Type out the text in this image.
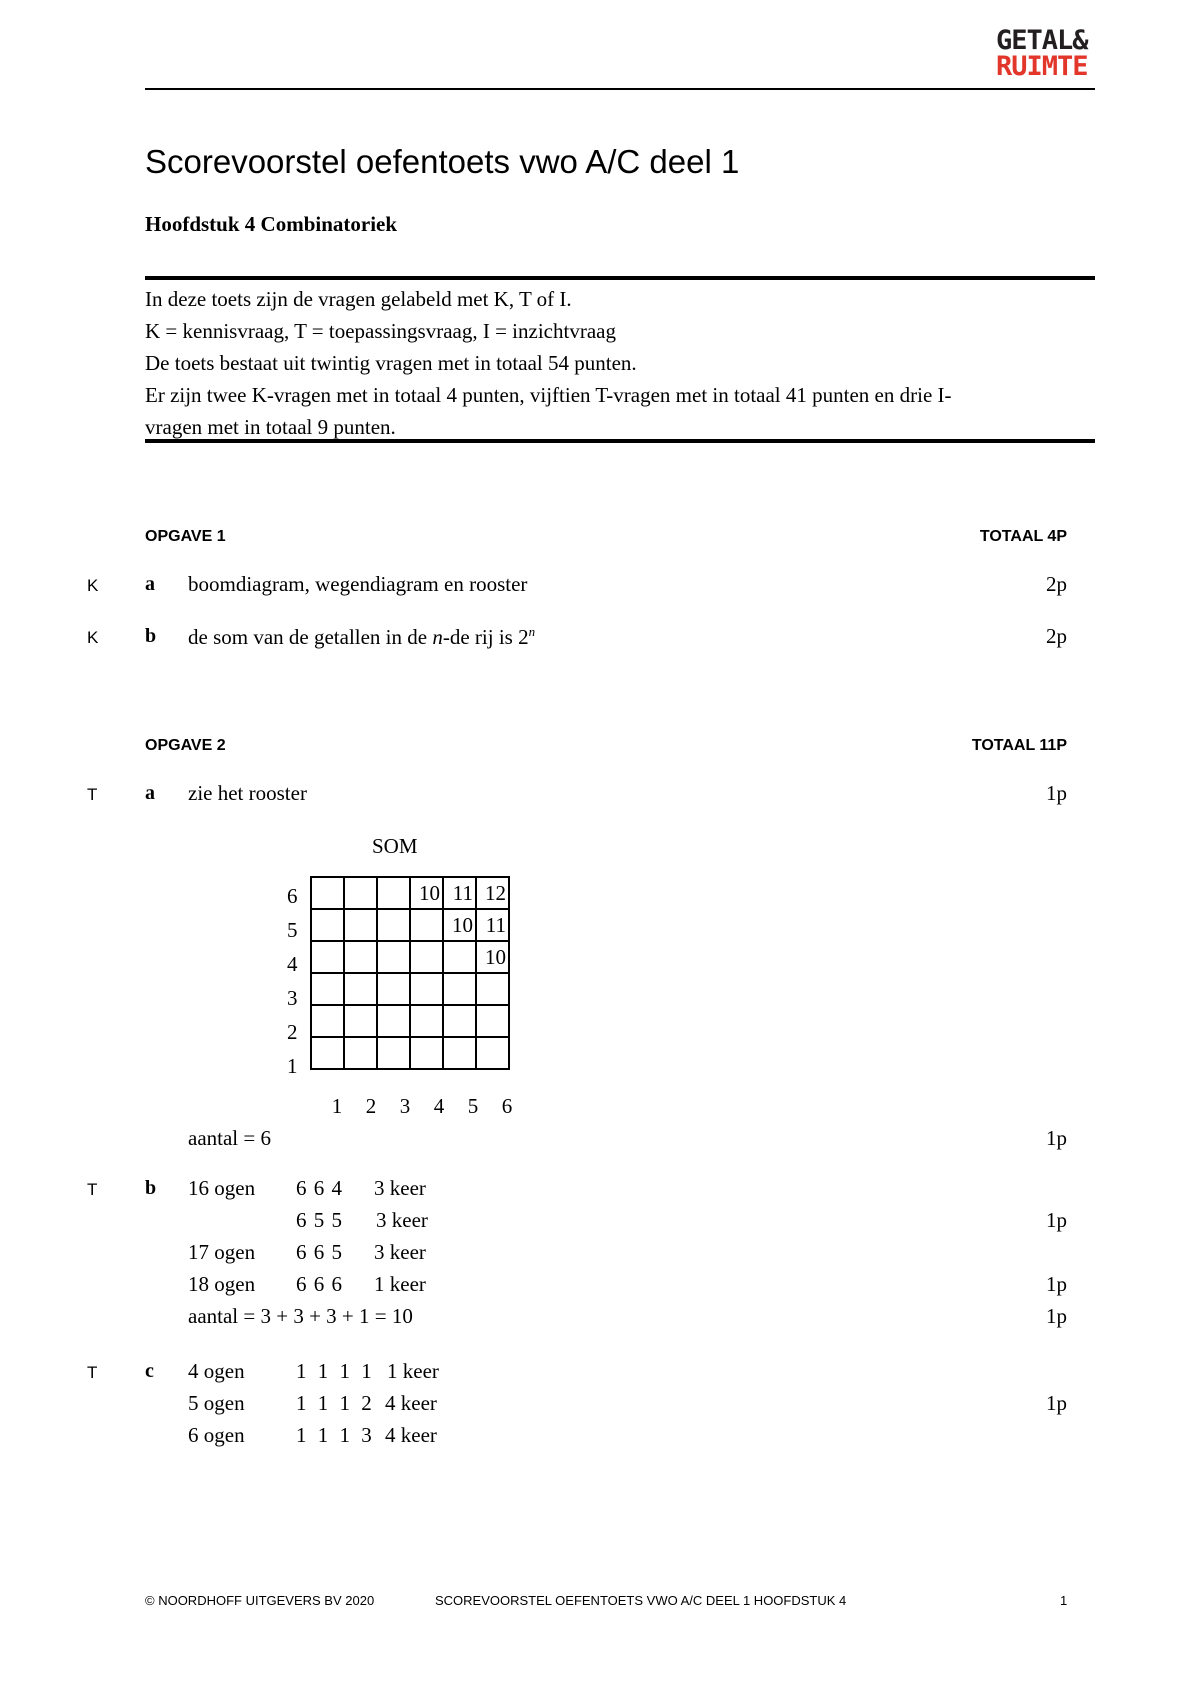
GETAL&
RUIMTE
Scorevoorstel oefentoets vwo A/C deel 1
Hoofdstuk 4 Combinatoriek

In deze toets zijn de vragen gelabeld met K, T of I.

K = kennisvraag, T = toepassingsvraag, I = inzichtvraag

De toets bestaat uit twintig vragen met in totaal 54 punten.

Er zijn twee K-vragen met in totaal 4 punten, vijftien T-vragen met in totaal 41 punten en drie I-

vragen met in totaal 9 punten.

OPGAVE 1	TOTAAL 4P
K a boomdiagram, wegendiagram en rooster	2p
K b de som van de getallen in de n-de rij is 2$^n$	2p
OPGAVE 2	TOTAAL 11P
T a zie het rooster	1p
SOM
6
5
4
3
2
1
			10	11	12
				10	11
					10

1 2 3 4 5 6
aantal = 6	1p
T b 16 ogen 6 6 4 3 keer
6 5 5 3 keer	1p
17 ogen 6 6 5 3 keer
18 ogen 6 6 6 1 keer	1p
aantal = 3 + 3 + 3 + 1 = 10	1p
T c 4 ogen 1 1 1 1 1 keer
5 ogen 1 1 1 2 4 keer	1p
6 ogen 1 1 1 3 4 keer
© NOORDHOFF UITGEVERS BV 2020	SCOREVOORSTEL OEFENTOETS VWO A/C DEEL 1 HOOFDSTUK 4	1
